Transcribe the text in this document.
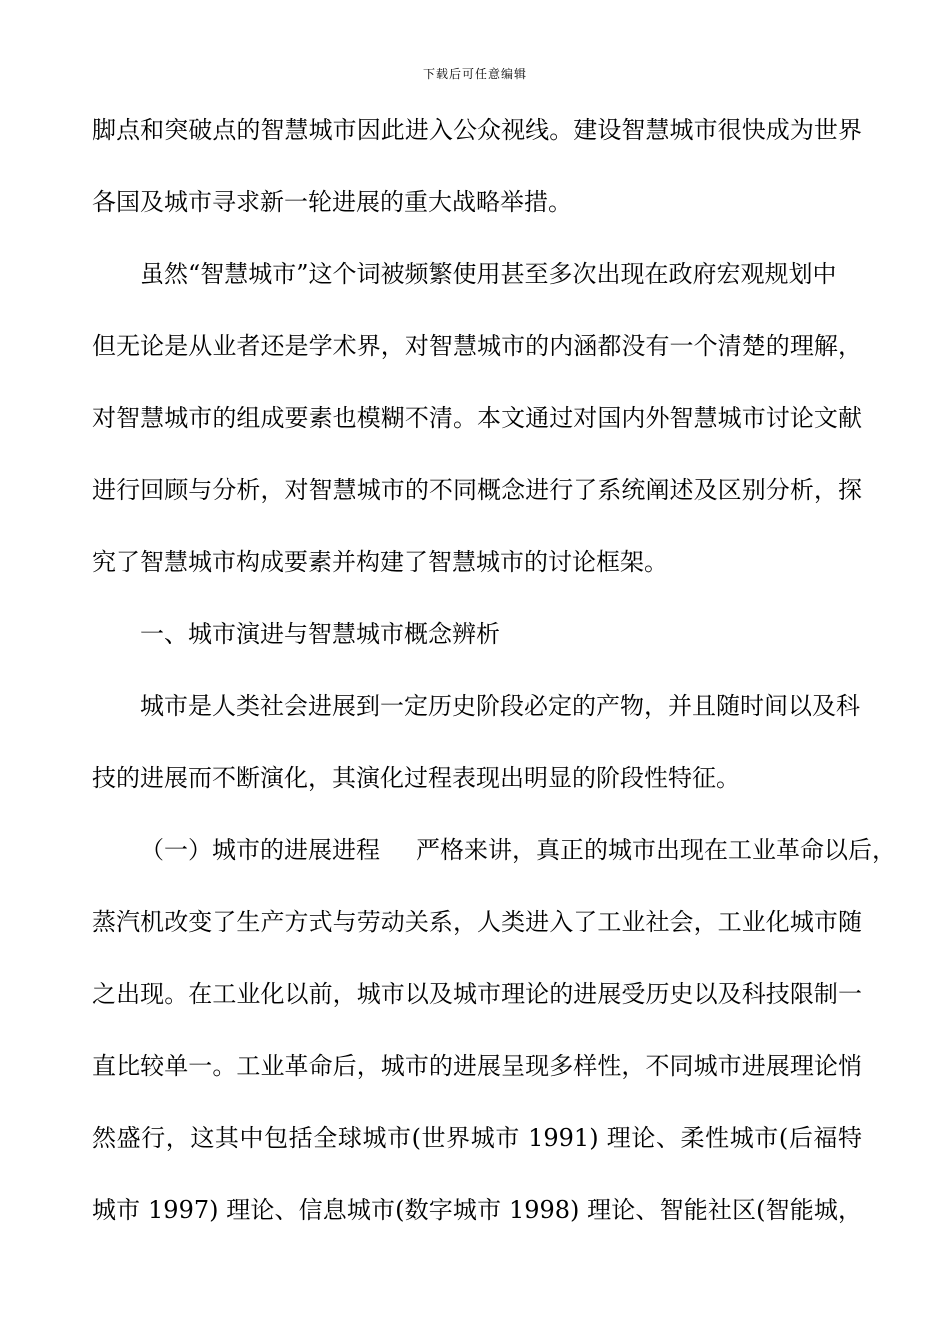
下载后可任意编辑
脚点和突破点的智慧城市因此进入公众视线。建设智慧城市很快成为世界
各国及城市寻求新一轮进展的重大战略举措。
虽然“智慧城市”这个词被频繁使用甚至多次出现在政府宏观规划中
但无论是从业者还是学术界，对智慧城市的内涵都没有一个清楚的理解，
对智慧城市的组成要素也模糊不清。本文通过对国内外智慧城市讨论文献
进行回顾与分析，对智慧城市的不同概念进行了系统阐述及区别分析，探
究了智慧城市构成要素并构建了智慧城市的讨论框架。
一、城市演进与智慧城市概念辨析
城市是人类社会进展到一定历史阶段必定的产物，并且随时间以及科
技的进展而不断演化，其演化过程表现出明显的阶段性特征。
（一）城市的进展进程 严格来讲，真正的城市出现在工业革命以后，
蒸汽机改变了生产方式与劳动关系，人类进入了工业社会，工业化城市随
之出现。在工业化以前，城市以及城市理论的进展受历史以及科技限制一
直比较单一。工业革命后，城市的进展呈现多样性，不同城市进展理论悄
然盛行，这其中包括全球城市(世界城市 1991) 理论、柔性城市(后福特
城市 1997) 理论、信息城市(数字城市 1998) 理论、智能社区(智能城，
